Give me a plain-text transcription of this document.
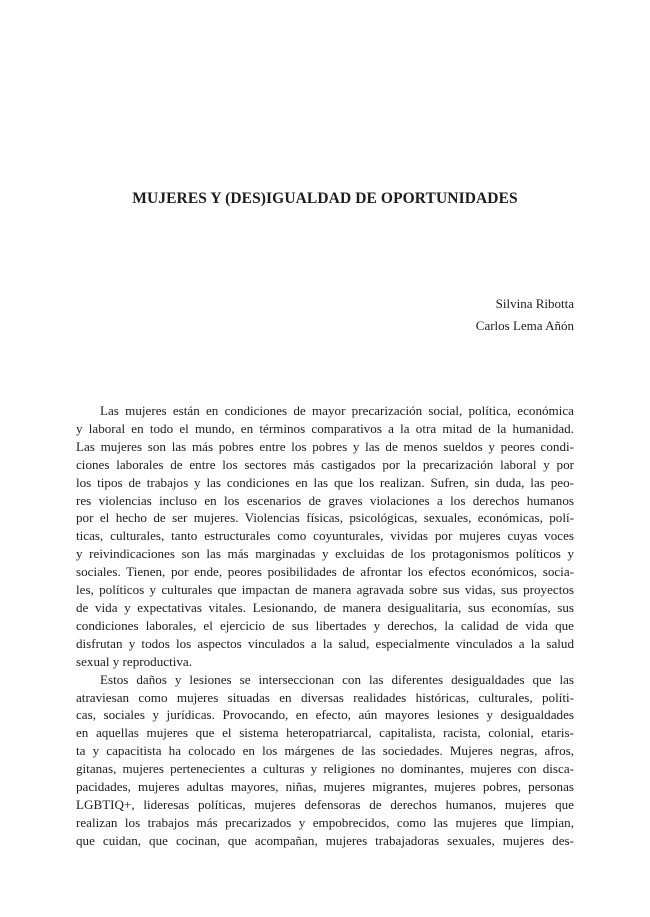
MUJERES Y (DES)IGUALDAD DE OPORTUNIDADES
Silvina Ribotta
Carlos Lema Añón

Las mujeres están en condiciones de mayor precarización social, política, económica
y laboral en todo el mundo, en términos comparativos a la otra mitad de la humanidad.
Las mujeres son las más pobres entre los pobres y las de menos sueldos y peores condi-
ciones laborales de entre los sectores más castigados por la precarización laboral y por
los tipos de trabajos y las condiciones en las que los realizan. Sufren, sin duda, las peo-
res violencias incluso en los escenarios de graves violaciones a los derechos humanos
por el hecho de ser mujeres. Violencias físicas, psicológicas, sexuales, económicas, polí-
ticas, culturales, tanto estructurales como coyunturales, vividas por mujeres cuyas voces
y reivindicaciones son las más marginadas y excluidas de los protagonismos políticos y
sociales. Tienen, por ende, peores posibilidades de afrontar los efectos económicos, socia-
les, políticos y culturales que impactan de manera agravada sobre sus vidas, sus proyectos
de vida y expectativas vitales. Lesionando, de manera desigualitaria, sus economías, sus
condiciones laborales, el ejercicio de sus libertades y derechos, la calidad de vida que
disfrutan y todos los aspectos vinculados a la salud, especialmente vinculados a la salud
sexual y reproductiva.

Estos daños y lesiones se interseccionan con las diferentes desigualdades que las
atraviesan como mujeres situadas en diversas realidades históricas, culturales, políti-
cas, sociales y jurídicas. Provocando, en efecto, aún mayores lesiones y desigualdades
en aquellas mujeres que el sistema heteropatriarcal, capitalista, racista, colonial, etaris-
ta y capacitista ha colocado en los márgenes de las sociedades. Mujeres negras, afros,
gitanas, mujeres pertenecientes a culturas y religiones no dominantes, mujeres con disca-
pacidades, mujeres adultas mayores, niñas, mujeres migrantes, mujeres pobres, personas
LGBTIQ+, lideresas políticas, mujeres defensoras de derechos humanos, mujeres que
realizan los trabajos más precarizados y empobrecidos, como las mujeres que limpian,
que cuidan, que cocinan, que acompañan, mujeres trabajadoras sexuales, mujeres des-
